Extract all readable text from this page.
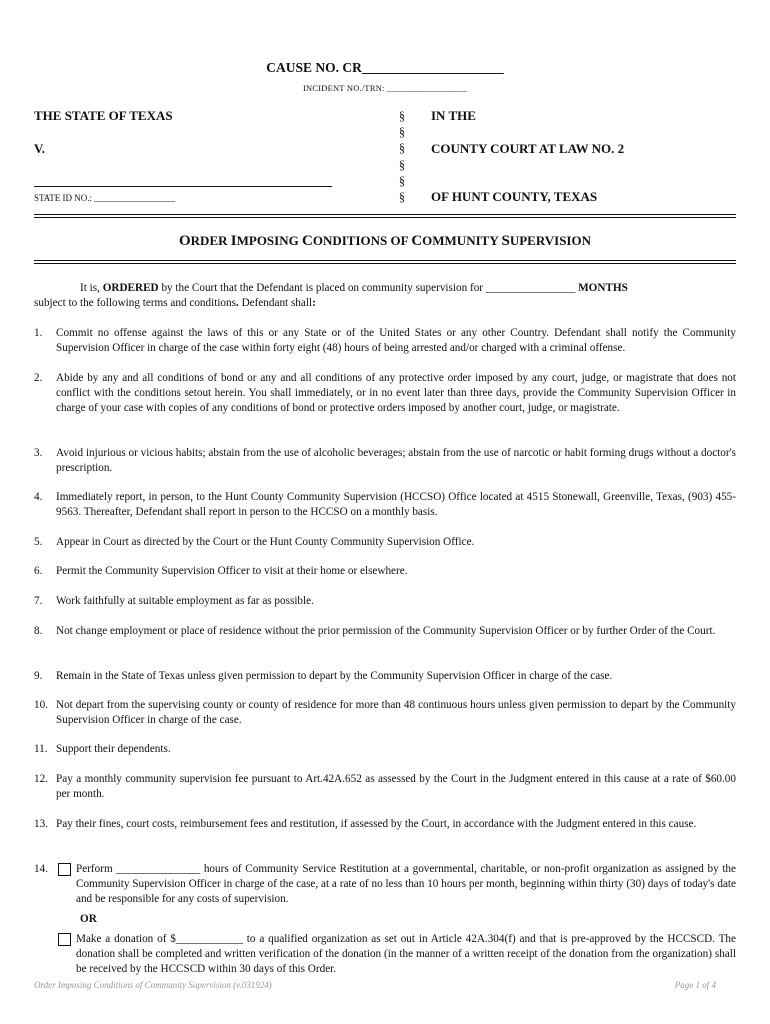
CAUSE NO. CR_____________________
INCIDENT NO./TRN: __________________
THE STATE OF TEXAS
V.
§
§
§
§
§
§
IN THE
COUNTY COURT AT LAW NO. 2
OF HUNT COUNTY, TEXAS
STATE ID NO.: __________________
ORDER IMPOSING CONDITIONS OF COMMUNITY SUPERVISION
It is, ORDERED by the Court that the Defendant is placed on community supervision for ________________ MONTHS
subject to the following terms and conditions. Defendant shall:
1. Commit no offense against the laws of this or any State or of the United States or any other Country. Defendant shall notify the Community Supervision Officer in charge of the case within forty eight (48) hours of being arrested and/or charged with a criminal offense.
2. Abide by any and all conditions of bond or any and all conditions of any protective order imposed by any court, judge, or magistrate that does not conflict with the conditions setout herein. You shall immediately, or in no event later than three days, provide the Community Supervision Officer in charge of your case with copies of any conditions of bond or protective orders imposed by another court, judge, or magistrate.
3. Avoid injurious or vicious habits; abstain from the use of alcoholic beverages; abstain from the use of narcotic or habit forming drugs without a doctor's prescription.
4. Immediately report, in person, to the Hunt County Community Supervision (HCCSO) Office located at 4515 Stonewall, Greenville, Texas, (903) 455-9563. Thereafter, Defendant shall report in person to the HCCSO on a monthly basis.
5. Appear in Court as directed by the Court or the Hunt County Community Supervision Office.
6. Permit the Community Supervision Officer to visit at their home or elsewhere.
7. Work faithfully at suitable employment as far as possible.
8. Not change employment or place of residence without the prior permission of the Community Supervision Officer or by further Order of the Court.
9. Remain in the State of Texas unless given permission to depart by the Community Supervision Officer in charge of the case.
10. Not depart from the supervising county or county of residence for more than 48 continuous hours unless given permission to depart by the Community Supervision Officer in charge of the case.
11. Support their dependents.
12. Pay a monthly community supervision fee pursuant to Art.42A.652 as assessed by the Court in the Judgment entered in this cause at a rate of $60.00 per month.
13. Pay their fines, court costs, reimbursement fees and restitution, if assessed by the Court, in accordance with the Judgment entered in this cause.
14.	Perform _______________ hours of Community Service Restitution at a governmental, charitable, or non-profit organization as assigned by the Community Supervision Officer in charge of the case, at a rate of no less than 10 hours per month, beginning within thirty (30) days of today's date and be responsible for any costs of supervision.
OR
Make a donation of $____________ to a qualified organization as set out in Article 42A.304(f) and that is pre-approved by the HCCSCD. The donation shall be completed and written verification of the donation (in the manner of a written receipt of the donation from the organization) shall be received by the HCCSCD within 30 days of this Order.
Order Imposing Conditions of Community Supervision (v.031924)	Page 1 of 4
